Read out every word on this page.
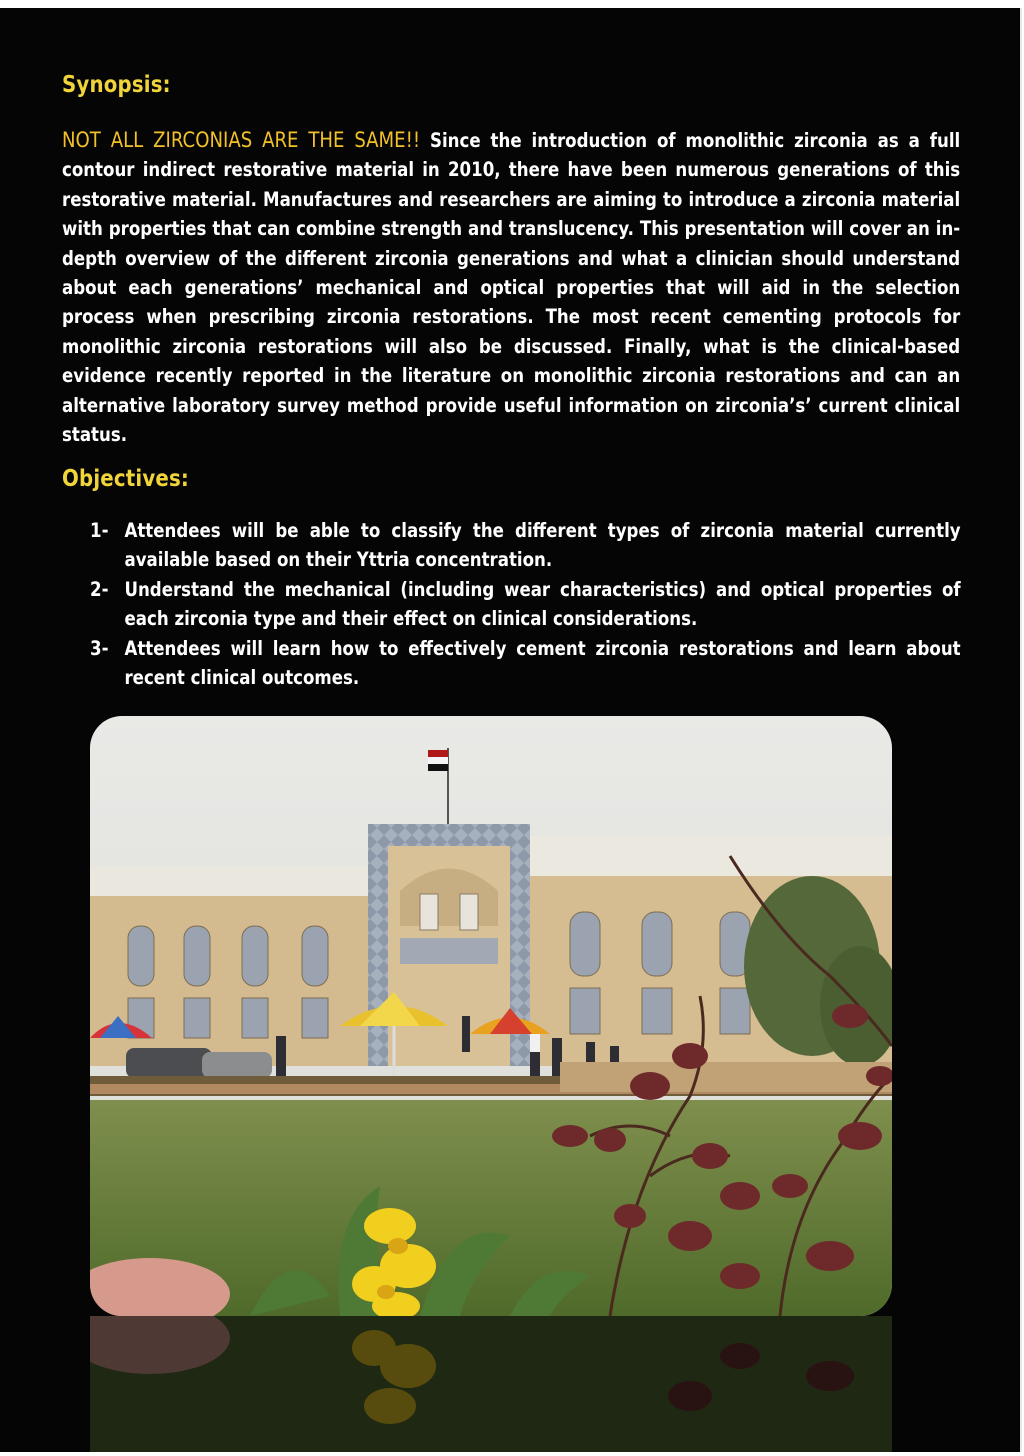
Synopsis:

NOT ALL ZIRCONIAS ARE THE SAME!! Since the introduction of monolithic zirconia as a full contour indirect restorative material in 2010, there have been numerous generations of this restorative material. Manufactures and researchers are aiming to introduce a zirconia material with properties that can combine strength and translucency. This presentation will cover an in-depth overview of the different zirconia generations and what a clinician should understand about each generations’ mechanical and optical properties that will aid in the selection process when prescribing zirconia restorations. The most recent cementing protocols for monolithic zirconia restorations will also be discussed. Finally, what is the clinical-based evidence recently reported in the literature on monolithic zirconia restorations and can an alternative laboratory survey method provide useful information on zirconia’s’ current clinical status.

Objectives:
1- Attendees will be able to classify the different types of zirconia material currently available based on their Yttria concentration.
2- Understand the mechanical (including wear characteristics) and optical properties of each zirconia type and their effect on clinical considerations.
3- Attendees will learn how to effectively cement zirconia restorations and learn about recent clinical outcomes.
